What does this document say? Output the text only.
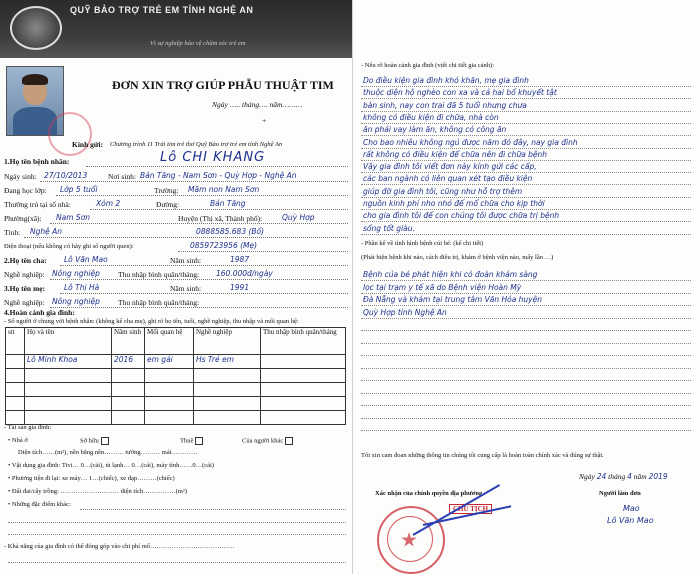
QUỸ BẢO TRỢ TRẺ EM TỈNH NGHỆ AN
Vì sự nghiệp bảo vệ chăm sóc trẻ em
ĐƠN XIN TRỢ GIÚP PHẪU THUẬT TIM
Ngày ….. tháng…. năm………
+
Kính gửi: Chương trình 11 Trái tim trẻ thơ Quỹ Bảo trợ trẻ em tỉnh Nghệ An
1.Họ tên bệnh nhân:	Lô CHI KHANG
Ngày sinh: 27/10/2013	Nơi sinh: Bản Tăng - Nam Sơn - Quỳ Hợp - Nghệ An
Đang học lớp: Lớp 5 tuổi	Trường: Mầm non Nam Sơn
Thường trú tại số nhà:	Xóm 2	Đường:	Bản Tăng
Phường(xã): Nam Sơn	Huyện (Thị xã, Thành phố):	Quỳ Hợp
Tỉnh: Nghệ An	0888585.683 (Bố)
Điện thoại (nếu không có hãy ghi số người quen):	0859723956 (Mẹ)
2.Họ tên cha: Lô Văn Mao	Năm sinh:	1987
Nghề nghiệp: Nông nghiệp Thu nhập bình quân/tháng: 160.000đ/ngày
3.Họ tên mẹ:	Lô Thị Hà	Năm sinh:	1991
Nghề nghiệp: Nông nghiệp Thu nhập bình quân/tháng:
4.Hoàn cảnh gia đình:
- Số người ở chung với bệnh nhân: (không kể cha mẹ), ghi rõ họ tên, tuổi, nghề nghiệp, thu nhập và mối quan hệ:
stt	Họ và tên	Năm sinh	Mối quan hệ	Nghề nghiệp	Thu nhập bình quân/tháng
	Lô Minh Khoa	2016	em gái	Hs Trẻ em	

- Tài sản gia đình:
• Nhà ở	Sở hữu	Thuê	Của người khác
Diện tích……(m²), nền bằng nền……… tường……… mái…………
• Vật dụng gia đình: Tivi… 0…(cái), tủ lạnh… 0…(cái), máy tính……0…(cái)
• Phương tiện đi lại: xe máy… 1…(chiếc), xe đạp………(chiếc)
• Đất đai/cây trồng: ……………………… diện tích……………(m²)
• Những đặc điểm khác:
- Khả năng của gia đình có thể đóng góp vào chi phí mổ…………………………………
- Nêu rõ hoàn cảnh gia đình (viết chi tiết gia cảnh):
Do điều kiện gia đình khó khăn, mẹ gia đình
thuộc diện hộ nghèo con xa và cả hai bố khuyết tật
bàn sinh, nay con trai đã 5 tuổi nhưng chưa
không có điều kiện đi chữa, nhà còn
ăn phải vay làm ăn, không có công ăn
Cho bao nhiêu không ngủ được năm đó đây, nay gia đình
rất không có điều kiện để chữa nên đi chữa bệnh
Vậy gia đình tôi viết đơn này kính gửi các cấp,
các ban ngành có liên quan xét tạo điều kiện
giúp đỡ gia đình tôi, cũng như hỗ trợ thêm
nguồn kinh phí nho nhỏ để mổ chữa cho kịp thời
cho gia đình tôi để con chúng tôi được chữa trị bệnh
sống tốt giàu.
- Phần kể về tình hình bệnh cúi bé: (kể chi tiết)
(Phát hiện bệnh khi nào, cách điều trị, khám ở bệnh viện nào, mấy lần …)
Bệnh của bé phát hiện khi có đoàn khám sàng
lọc tại trạm y tế xã do Bệnh viện Hoàn Mỹ
Đà Nẵng và khám tại trung tâm Văn Hóa huyện
Quỳ Hợp tỉnh Nghệ An
Tôi xin cam đoan những thông tin chúng tôi cung cấp là hoàn toàn chính xác và đúng sự thật.
Ngày 24 tháng 4 năm 2019
Xác nhận của chính quyền địa phương	Người làm đơn
CHỦ TỊCH	Mao
Lô Văn Mao
